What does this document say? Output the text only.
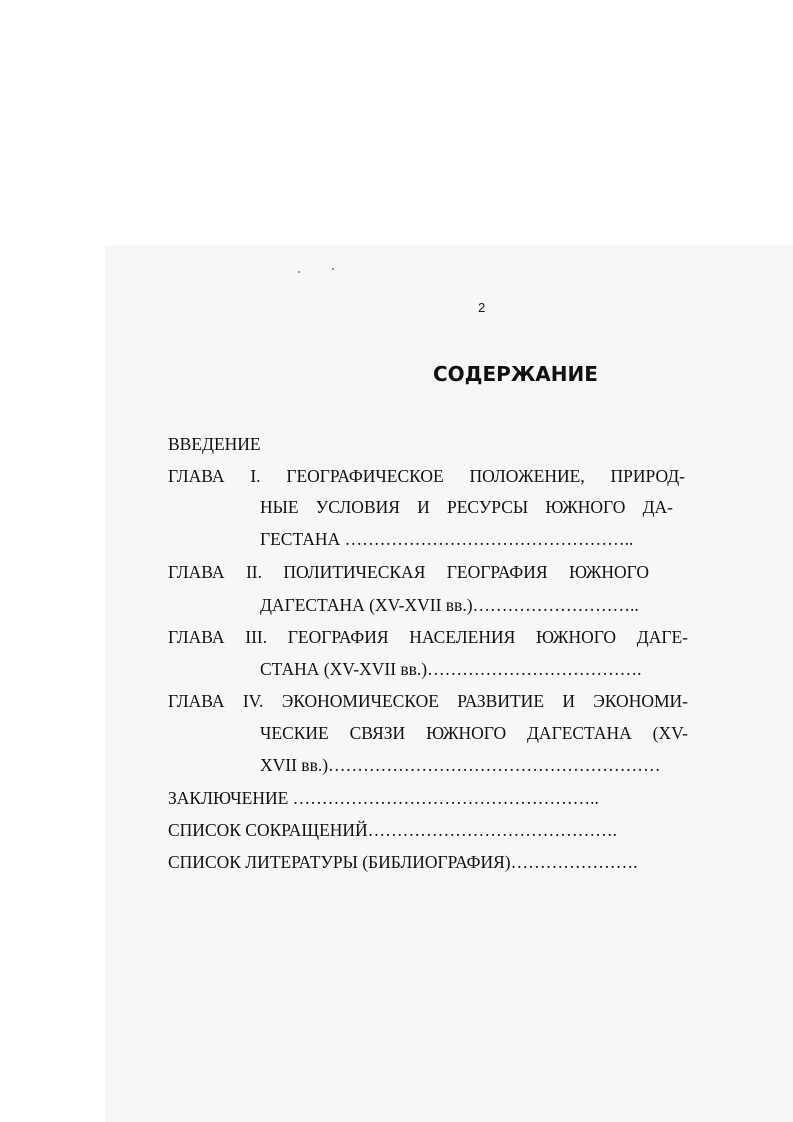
2
СОДЕРЖАНИЕ
ВВЕДЕНИЕ
ГЛАВА I. ГЕОГРАФИЧЕСКОЕ ПОЛОЖЕНИЕ, ПРИРОД-
НЫЕ УСЛОВИЯ И РЕСУРСЫ ЮЖНОГО ДА-
ГЕСТАНА …………………………………………..
ГЛАВА II. ПОЛИТИЧЕСКАЯ ГЕОГРАФИЯ ЮЖНОГО
ДАГЕСТАНА (XV-XVII вв.)………………………..
ГЛАВА III. ГЕОГРАФИЯ НАСЕЛЕНИЯ ЮЖНОГО ДАГЕ-
СТАНА (XV-XVII вв.)……………………………….
ГЛАВА IV. ЭКОНОМИЧЕСКОЕ РАЗВИТИЕ И ЭКОНОМИ-
ЧЕСКИЕ СВЯЗИ ЮЖНОГО ДАГЕСТАНА (XV-
XVII вв.)…………………………………………………
ЗАКЛЮЧЕНИЕ ……………………………………………..
СПИСОК СОКРАЩЕНИЙ…………………………………….
СПИСОК ЛИТЕРАТУРЫ (БИБЛИОГРАФИЯ)………………….
